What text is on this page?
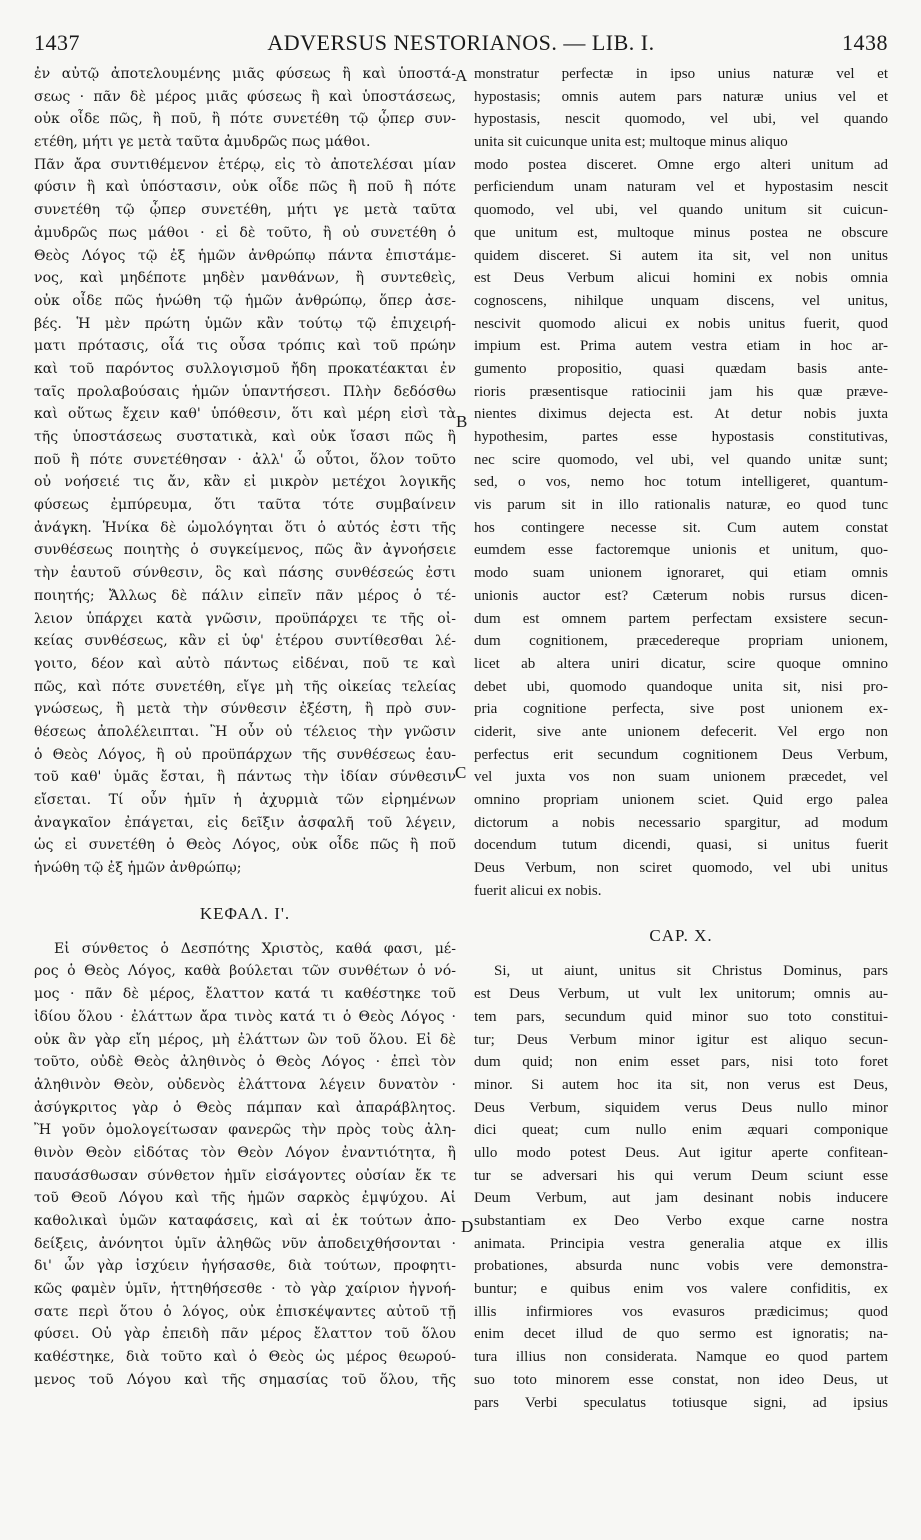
1437	ADVERSUS NESTORIANOS. — LIB. I.	1438
A
B
C
D
ἐν αὐτῷ ἀποτελουμένης μιᾶς φύσεως ἢ καὶ ὑποστά-
σεως · πᾶν δὲ μέρος μιᾶς φύσεως ἢ καὶ ὑποστάσεως,
οὐκ οἶδε πῶς, ἢ ποῦ, ἢ πότε συνετέθη τῷ ᾧπερ συν-
ετέθη, μήτι γε μετὰ ταῦτα ἀμυδρῶς πως μάθοι.
Πᾶν ἄρα συντιθέμενον ἑτέρῳ, εἰς τὸ ἀποτελέσαι μίαν
φύσιν ἢ καὶ ὑπόστασιν, οὐκ οἶδε πῶς ἢ ποῦ ἢ πότε
συνετέθη τῷ ᾧπερ συνετέθη, μήτι γε μετὰ ταῦτα
ἀμυδρῶς πως μάθοι · εἰ δὲ τοῦτο, ἢ οὐ συνετέθη ὁ
Θεὸς Λόγος τῷ ἐξ ἡμῶν ἀνθρώπῳ πάντα ἐπιστάμε-
νος, καὶ μηδέποτε μηδὲν μανθάνων, ἢ συντεθεὶς,
οὐκ οἶδε πῶς ἡνώθη τῷ ἡμῶν ἀνθρώπῳ, ὅπερ ἀσε-
βές. Ἡ μὲν πρώτη ὑμῶν κἂν τούτῳ τῷ ἐπιχειρή-
ματι πρότασις, οἷά τις οὖσα τρόπις καὶ τοῦ πρώην
καὶ τοῦ παρόντος συλλογισμοῦ ἤδη προκατέακται ἐν
ταῖς προλαβούσαις ἡμῶν ὑπαντήσεσι. Πλὴν δεδόσθω
καὶ οὕτως ἔχειν καθ' ὑπόθεσιν, ὅτι καὶ μέρη εἰσὶ τὰ
τῆς ὑποστάσεως συστατικὰ, καὶ οὐκ ἴσασι πῶς ἢ
ποῦ ἢ πότε συνετέθησαν · ἀλλ' ὦ οὗτοι, ὅλον τοῦτο
οὐ νοήσειέ τις ἄν, κἂν εἰ μικρὸν μετέχοι λογικῆς
φύσεως ἐμπύρευμα, ὅτι ταῦτα τότε συμβαίνειν
ἀνάγκη. Ἡνίκα δὲ ὡμολόγηται ὅτι ὁ αὐτός ἐστι τῆς
συνθέσεως ποιητὴς ὁ συγκείμενος, πῶς ἂν ἀγνοήσειε
τὴν ἑαυτοῦ σύνθεσιν, ὃς καὶ πάσης συνθέσεώς ἐστι
ποιητής; Ἄλλως δὲ πάλιν εἰπεῖν πᾶν μέρος ὁ τέ-
λειον ὑπάρχει κατὰ γνῶσιν, προϋπάρχει τε τῆς οἰ-
κείας συνθέσεως, κἂν εἰ ὑφ' ἑτέρου συντίθεσθαι λέ-
γοιτο, δέον καὶ αὐτὸ πάντως εἰδέναι, ποῦ τε καὶ
πῶς, καὶ πότε συνετέθη, εἴγε μὴ τῆς οἰκείας τελείας
γνώσεως, ἢ μετὰ τὴν σύνθεσιν ἐξέστη, ἢ πρὸ συν-
θέσεως ἀπολέλειπται. Ἢ οὖν οὐ τέλειος τὴν γνῶσιν
ὁ Θεὸς Λόγος, ἢ οὐ προϋπάρχων τῆς συνθέσεως ἑαυ-
τοῦ καθ' ὑμᾶς ἔσται, ἢ πάντως τὴν ἰδίαν σύνθεσιν
εἴσεται. Τί οὖν ἡμῖν ἡ ἀχυρμιὰ τῶν εἰρημένων
ἀναγκαῖον ἐπάγεται, εἰς δεῖξιν ἀσφαλῆ τοῦ λέγειν,
ὡς εἰ συνετέθη ὁ Θεὸς Λόγος, οὐκ οἶδε πῶς ἢ ποῦ
ἡνώθη τῷ ἐξ ἡμῶν ἀνθρώπῳ;
ΚΕΦΑΛ. Ι'.
Εἰ σύνθετος ὁ Δεσπότης Χριστὸς, καθά φασι, μέ-
ρος ὁ Θεὸς Λόγος, καθὰ βούλεται τῶν συνθέτων ὁ νό-
μος · πᾶν δὲ μέρος, ἔλαττον κατά τι καθέστηκε τοῦ
ἰδίου ὅλου · ἐλάττων ἄρα τινὸς κατά τι ὁ Θεὸς Λόγος ·
οὐκ ἂν γὰρ εἴη μέρος, μὴ ἐλάττων ὢν τοῦ ὅλου. Εἰ δὲ
τοῦτο, οὐδὲ Θεὸς ἀληθινὸς ὁ Θεὸς Λόγος · ἐπεὶ τὸν
ἀληθινὸν Θεὸν, οὐδενὸς ἐλάττονα λέγειν δυνατὸν ·
ἀσύγκριτος γὰρ ὁ Θεὸς πάμπαν καὶ ἀπαράβλητος.
Ἢ γοῦν ὁμολογείτωσαν φανερῶς τὴν πρὸς τοὺς ἀλη-
θινὸν Θεὸν εἰδότας τὸν Θεὸν Λόγον ἐναντιότητα, ἢ
παυσάσθωσαν σύνθετον ἡμῖν εἰσάγοντες οὐσίαν ἔκ τε
τοῦ Θεοῦ Λόγου καὶ τῆς ἡμῶν σαρκὸς ἐμψύχου. Αἱ
καθολικαὶ ὑμῶν καταφάσεις, καὶ αἱ ἐκ τούτων ἀπο-
δείξεις, ἀνόνητοι ὑμῖν ἀληθῶς νῦν ἀποδειχθήσονται ·
δι' ὧν γὰρ ἰσχύειν ἡγήσασθε, διὰ τούτων, προφητι-
κῶς φαμὲν ὑμῖν, ἡττηθήσεσθε · τὸ γὰρ χαίριον ἠγνοή-
σατε περὶ ὅτου ὁ λόγος, οὐκ ἐπισκέψαντες αὐτοῦ τῇ
φύσει. Οὐ γὰρ ἐπειδὴ πᾶν μέρος ἔλαττον τοῦ ὅλου
καθέστηκε, διὰ τοῦτο καὶ ὁ Θεὸς ὡς μέρος θεωρού-
μενος τοῦ Λόγου καὶ τῆς σημασίας τοῦ ὅλου, τῆς
monstratur perfectæ in ipso unius naturæ vel et
hypostasis; omnis autem pars naturæ unius vel et
hypostasis, nescit quomodo, vel ubi, vel quando
unita sit cuicunque unita est; multoque minus aliquo
modo postea disceret. Omne ergo alteri unitum ad
perficiendum unam naturam vel et hypostasim nescit
quomodo, vel ubi, vel quando unitum sit cuicun-
que unitum est, multoque minus postea ne obscure
quidem disceret. Si autem ita sit, vel non unitus
est Deus Verbum alicui homini ex nobis omnia
cognoscens, nihilque unquam discens, vel unitus,
nescivit quomodo alicui ex nobis unitus fuerit, quod
impium est. Prima autem vestra etiam in hoc ar-
gumento propositio, quasi quædam basis ante-
rioris præsentisque ratiocinii jam his quæ præve-
nientes diximus dejecta est. At detur nobis juxta
hypothesim, partes esse hypostasis constitutivas,
nec scire quomodo, vel ubi, vel quando unitæ sunt;
sed, o vos, nemo hoc totum intelligeret, quantum-
vis parum sit in illo rationalis naturæ, eo quod tunc
hos contingere necesse sit. Cum autem constat
eumdem esse factoremque unionis et unitum, quo-
modo suam unionem ignoraret, qui etiam omnis
unionis auctor est? Cæterum nobis rursus dicen-
dum est omnem partem perfectam exsistere secun-
dum cognitionem, præcedereque propriam unionem,
licet ab altera uniri dicatur, scire quoque omnino
debet ubi, quomodo quandoque unita sit, nisi pro-
pria cognitione perfecta, sive post unionem ex-
ciderit, sive ante unionem defecerit. Vel ergo non
perfectus erit secundum cognitionem Deus Verbum,
vel juxta vos non suam unionem præcedet, vel
omnino propriam unionem sciet. Quid ergo palea
dictorum a nobis necessario spargitur, ad modum
docendum tutum dicendi, quasi, si unitus fuerit
Deus Verbum, non sciret quomodo, vel ubi unitus
fuerit alicui ex nobis.
CAP. X.
Si, ut aiunt, unitus sit Christus Dominus, pars
est Deus Verbum, ut vult lex unitorum; omnis au-
tem pars, secundum quid minor suo toto constitui-
tur; Deus Verbum minor igitur est aliquo secun-
dum quid; non enim esset pars, nisi toto foret
minor. Si autem hoc ita sit, non verus est Deus,
Deus Verbum, siquidem verus Deus nullo minor
dici queat; cum nullo enim æquari componique
ullo modo potest Deus. Aut igitur aperte confitean-
tur se adversari his qui verum Deum sciunt esse
Deum Verbum, aut jam desinant nobis inducere
substantiam ex Deo Verbo exque carne nostra
animata. Principia vestra generalia atque ex illis
probationes, absurda nunc vobis vere demonstra-
buntur; e quibus enim vos valere confiditis, ex
illis infirmiores vos evasuros prædicimus; quod
enim decet illud de quo sermo est ignoratis; na-
tura illius non considerata. Namque eo quod partem
suo toto minorem esse constat, non ideo Deus, ut
pars Verbi speculatus totiusque signi, ad ipsius
